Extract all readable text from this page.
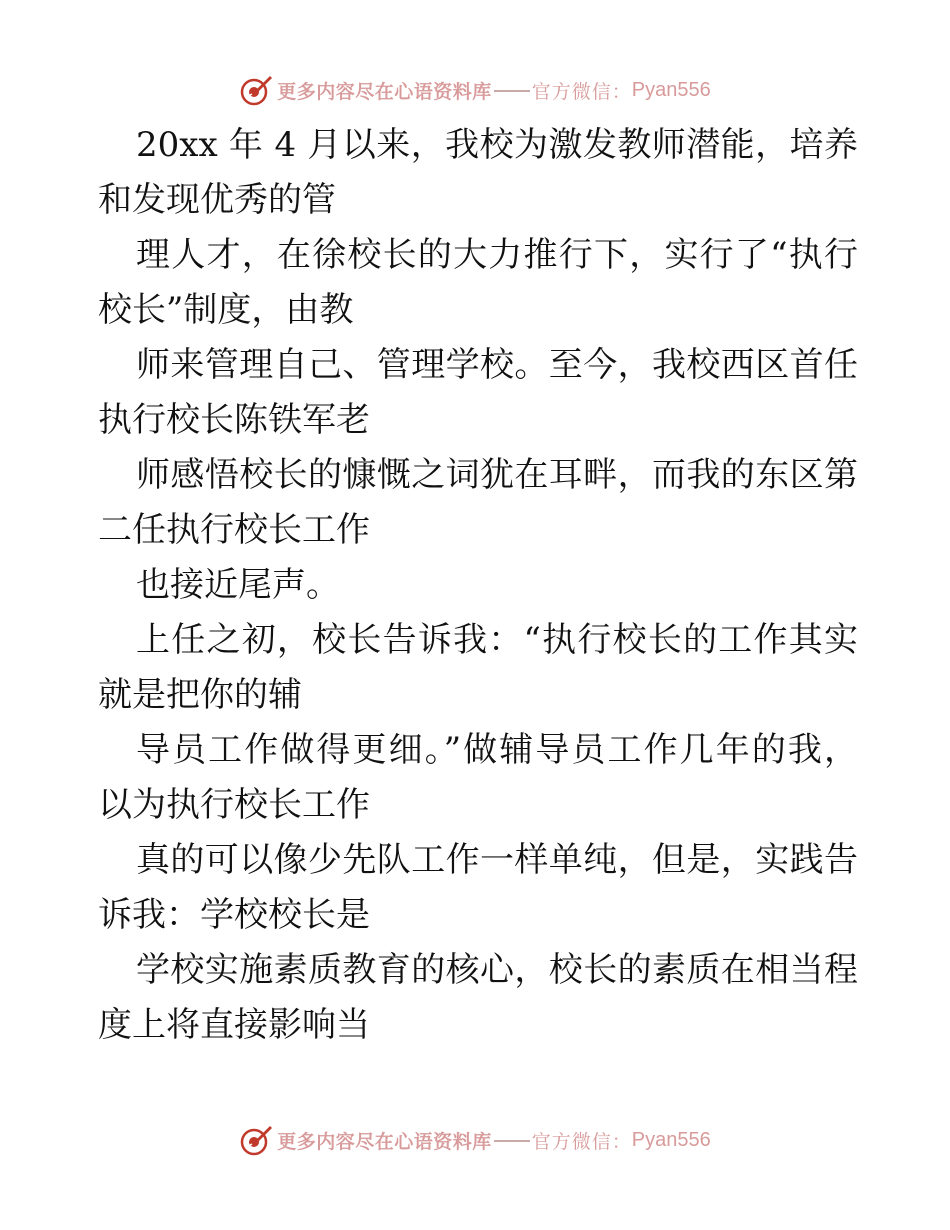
更多内容尽在心语资料库 官方微信： Pyan556
20xx 年 4 月以来，我校为激发教师潜能，培养
和发现优秀的管
理人才，在徐校长的大力推行下，实行了“执行
校长”制度，由教
师来管理自己、管理学校。至今，我校西区首任
执行校长陈铁军老
师感悟校长的慷慨之词犹在耳畔，而我的东区第
二任执行校长工作
也接近尾声。
上任之初，校长告诉我：“执行校长的工作其实
就是把你的辅
导员工作做得更细。”做辅导员工作几年的我，
以为执行校长工作
真的可以像少先队工作一样单纯，但是，实践告
诉我：学校校长是
学校实施素质教育的核心，校长的素质在相当程
度上将直接影响当
更多内容尽在心语资料库 官方微信： Pyan556
